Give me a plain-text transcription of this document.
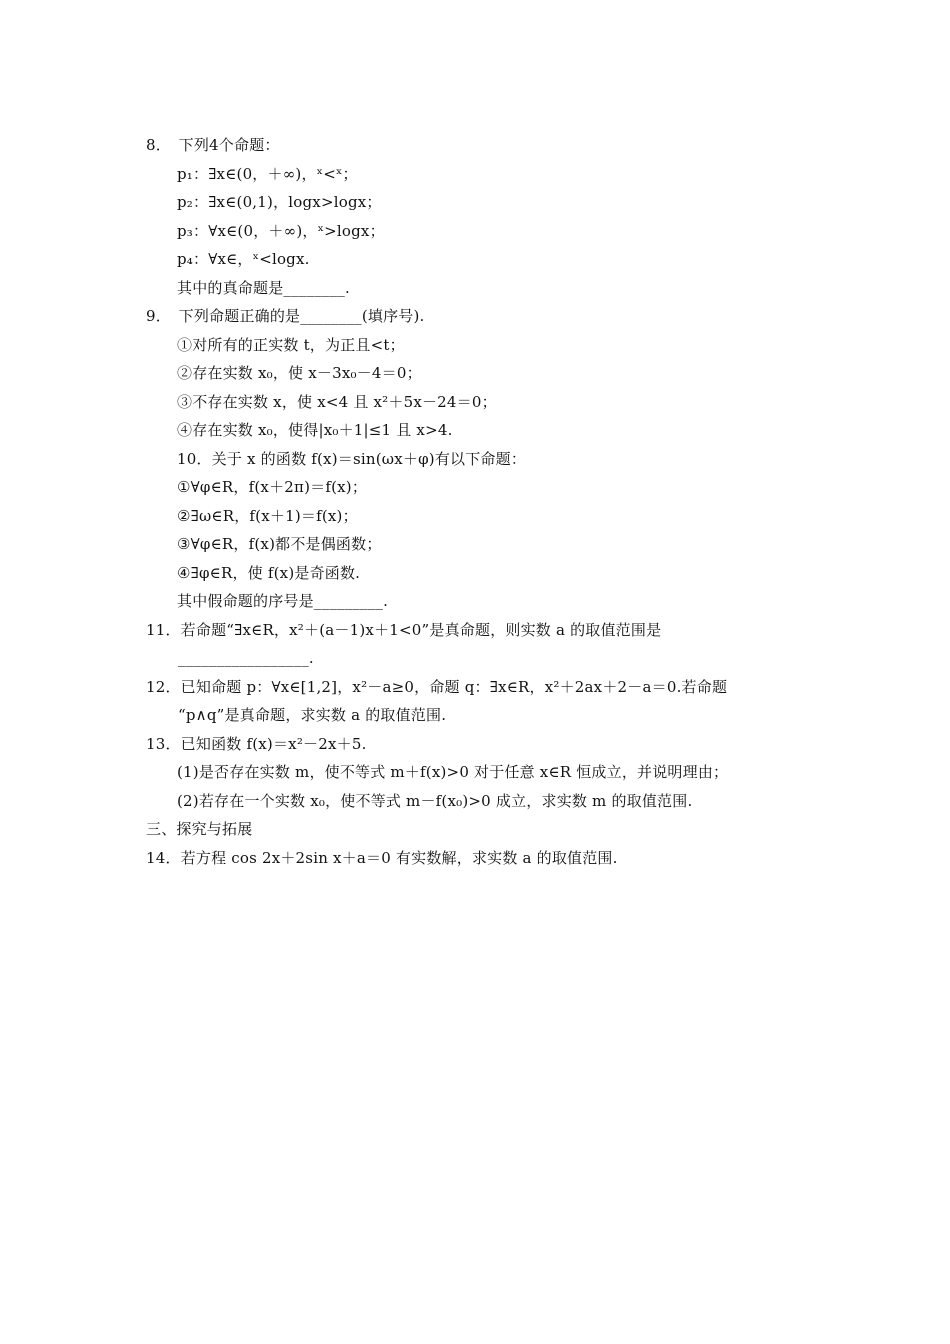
8．　下列4个命题：
p₁：∃x∈(0，＋∞)，ˣ<ˣ；
p₂：∃x∈(0,1)，logx>logx；
p₃：∀x∈(0，＋∞)，ˣ>logx；
p₄：∀x∈，ˣ<logx.
其中的真命题是________.
9．　下列命题正确的是________(填序号).
①对所有的正实数 t，为正且<t；
②存在实数 x₀，使 x－3x₀－4＝0；
③不存在实数 x，使 x<4 且 x²＋5x－24＝0；
④存在实数 x₀，使得|x₀＋1|≤1 且 x>4.
10．关于 x 的函数 f(x)＝sin(ωx＋φ)有以下命题：
①∀φ∈R，f(x＋2π)＝f(x)；
②∃ω∈R，f(x＋1)＝f(x)；
③∀φ∈R，f(x)都不是偶函数；
④∃φ∈R，使 f(x)是奇函数.
其中假命题的序号是_________.
11．若命题“∃x∈R，x²＋(a－1)x＋1<0”是真命题，则实数 a 的取值范围是
_________________.
12．已知命题 p：∀x∈[1,2]，x²－a≥0，命题 q：∃x∈R，x²＋2ax＋2－a＝0.若命题
“p∧q”是真命题，求实数 a 的取值范围.
13．已知函数 f(x)＝x²－2x＋5.
(1)是否存在实数 m，使不等式 m＋f(x)>0 对于任意 x∈R 恒成立，并说明理由；
(2)若存在一个实数 x₀，使不等式 m－f(x₀)>0 成立，求实数 m 的取值范围.
三、探究与拓展
14．若方程 cos 2x＋2sin x＋a＝0 有实数解，求实数 a 的取值范围.
